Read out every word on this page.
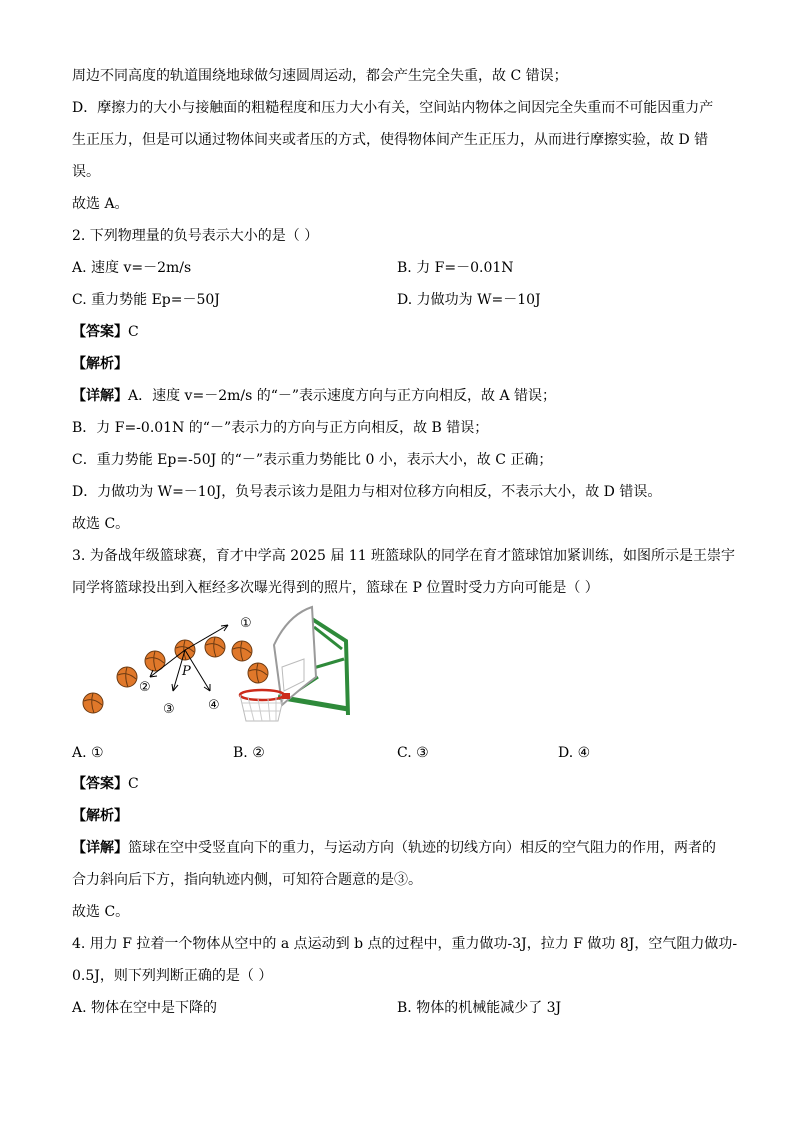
周边不同高度的轨道围绕地球做匀速圆周运动，都会产生完全失重，故 C 错误；
D．摩擦力的大小与接触面的粗糙程度和压力大小有关，空间站内物体之间因完全失重而不可能因重力产
生正压力，但是可以通过物体间夹或者压的方式，使得物体间产生正压力，从而进行摩擦实验，故 D 错
误。
故选 A。
2. 下列物理量的负号表示大小的是（ ）
A. 速度 v=－2m/s	B. 力 F=－0.01N
C. 重力势能 Ep=－50J	D. 力做功为 W=－10J
【答案】C
【解析】
【详解】A．速度 v=－2m/s 的“－”表示速度方向与正方向相反，故 A 错误；
B．力 F=-0.01N 的“－”表示力的方向与正方向相反，故 B 错误；
C．重力势能 Ep=-50J 的“－”表示重力势能比 0 小，表示大小，故 C 正确；
D．力做功为 W=－10J，负号表示该力是阻力与相对位移方向相反，不表示大小，故 D 错误。
故选 C。
3. 为备战年级篮球赛，育才中学高 2025 届 11 班篮球队的同学在育才篮球馆加紧训练，如图所示是王崇宇
同学将篮球投出到入框经多次曝光得到的照片，篮球在 P 位置时受力方向可能是（ ）
P
①
②
③	④
A. ①	B. ②	C. ③	D. ④
【答案】C
【解析】
【详解】篮球在空中受竖直向下的重力，与运动方向（轨迹的切线方向）相反的空气阻力的作用，两者的
合力斜向后下方，指向轨迹内侧，可知符合题意的是③。
故选 C。
4. 用力 F 拉着一个物体从空中的 a 点运动到 b 点的过程中，重力做功-3J，拉力 F 做功 8J，空气阻力做功-
0.5J，则下列判断正确的是（ ）
A. 物体在空中是下降的	B. 物体的机械能减少了 3J
